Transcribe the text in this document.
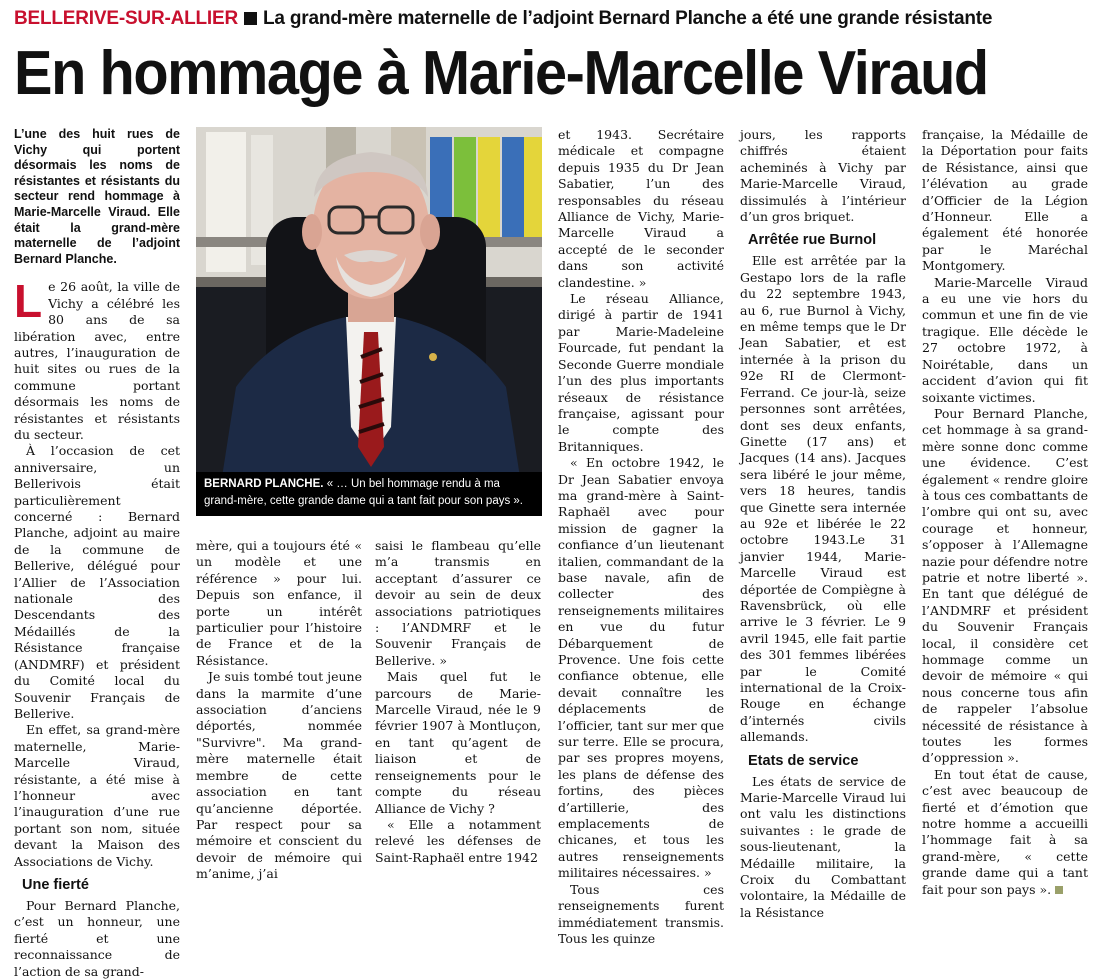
BELLERIVE-SUR-ALLIER La grand-mère maternelle de l’adjoint Bernard Planche a été une grande résistante
En hommage à Marie-Marcelle Viraud
L’une des huit rues de Vichy qui portent désormais les noms de résistantes et résistants du secteur rend hommage à Marie-Marcelle Viraud. Elle était la grand-mère maternelle de l’adjoint Bernard Planche.

Le 26 août, la ville de Vichy a célébré les 80 ans de sa libération avec, entre autres, l’inauguration de huit sites ou rues de la commune portant désormais les noms de résistantes et résistants du secteur.

À l’occasion de cet anniversaire, un Bellerivois était particulièrement concerné : Bernard Planche, adjoint au maire de la commune de Bellerive, délégué pour l’Allier de l’Association nationale des Descendants des Médaillés de la Résistance française (ANDMRF) et président du Comité local du Souvenir Français de Bellerive.

En effet, sa grand-mère maternelle, Marie-Marcelle Viraud, résistante, a été mise à l’honneur avec l’inauguration d’une rue portant son nom, située devant la Maison des Associations de Vichy.

Une fierté

Pour Bernard Planche, c’est un honneur, une fierté et une reconnaissance de l’action de sa grand-

BERNARD PLANCHE. « … Un bel hommage rendu à ma grand-mère, cette grande dame qui a tant fait pour son pays ».

mère, qui a toujours été « un modèle et une référence » pour lui. Depuis son enfance, il porte un intérêt particulier pour l’histoire de France et de la Résistance.

Je suis tombé tout jeune dans la marmite d’une association d’anciens déportés, nommée "Survivre". Ma grand-mère maternelle était membre de cette association en tant qu’ancienne déportée. Par respect pour sa mémoire et conscient du devoir de mémoire qui m’anime, j’ai

saisi le flambeau qu’elle m’a transmis en acceptant d’assurer ce devoir au sein de deux associations patriotiques : l’ANDMRF et le Souvenir Français de Bellerive. »

Mais quel fut le parcours de Marie-Marcelle Viraud, née le 9 février 1907 à Montluçon, en tant qu’agent de liaison et de renseignements pour le compte du réseau Alliance de Vichy ?

« Elle a notamment relevé les défenses de Saint-Raphaël entre 1942

et 1943. Secrétaire médicale et compagne depuis 1935 du Dr Jean Sabatier, l’un des responsables du réseau Alliance de Vichy, Marie-Marcelle Viraud a accepté de le seconder dans son activité clandestine. »

Le réseau Alliance, dirigé à partir de 1941 par Marie-Madeleine Fourcade, fut pendant la Seconde Guerre mondiale l’un des plus importants réseaux de résistance française, agissant pour le compte des Britanniques.

« En octobre 1942, le Dr Jean Sabatier envoya ma grand-mère à Saint-Raphaël avec pour mission de gagner la confiance d’un lieutenant italien, commandant de la base navale, afin de collecter des renseignements militaires en vue du futur Débarquement de Provence. Une fois cette confiance obtenue, elle devait connaître les déplacements de l’officier, tant sur mer que sur terre. Elle se procura, par ses propres moyens, les plans de défense des fortins, des pièces d’artillerie, des emplacements de chicanes, et tous les autres renseignements militaires nécessaires. »

Tous ces renseignements furent immédiatement transmis. Tous les quinze

jours, les rapports chiffrés étaient acheminés à Vichy par Marie-Marcelle Viraud, dissimulés à l’intérieur d’un gros briquet.

Arrêtée rue Burnol

Elle est arrêtée par la Gestapo lors de la rafle du 22 septembre 1943, au 6, rue Burnol à Vichy, en même temps que le Dr Jean Sabatier, et est internée à la prison du 92e RI de Clermont-Ferrand. Ce jour-là, seize personnes sont arrêtées, dont ses deux enfants, Ginette (17 ans) et Jacques (14 ans). Jacques sera libéré le jour même, vers 18 heures, tandis que Ginette sera internée au 92e et libérée le 22 octobre 1943.Le 31 janvier 1944, Marie-Marcelle Viraud est déportée de Compiègne à Ravensbrück, où elle arrive le 3 février. Le 9 avril 1945, elle fait partie des 301 femmes libérées par le Comité international de la Croix-Rouge en échange d’internés civils allemands.

Etats de service

Les états de service de Marie-Marcelle Viraud lui ont valu les distinctions suivantes : le grade de sous-lieutenant, la Médaille militaire, la Croix du Combattant volontaire, la Médaille de la Résistance

française, la Médaille de la Déportation pour faits de Résistance, ainsi que l’élévation au grade d’Officier de la Légion d’Honneur. Elle a également été honorée par le Maréchal Montgomery.

Marie-Marcelle Viraud a eu une vie hors du commun et une fin de vie tragique. Elle décède le 27 octobre 1972, à Noirétable, dans un accident d’avion qui fit soixante victimes.

Pour Bernard Planche, cet hommage à sa grand-mère sonne donc comme une évidence. C’est également « rendre gloire à tous ces combattants de l’ombre qui ont su, avec courage et honneur, s’opposer à l’Allemagne nazie pour défendre notre patrie et notre liberté ». En tant que délégué de l’ANDMRF et président du Souvenir Français local, il considère cet hommage comme un devoir de mémoire « qui nous concerne tous afin de rappeler l’absolue nécessité de résistance à toutes les formes d’oppression ».

En tout état de cause, c’est avec beaucoup de fierté et d’émotion que notre homme a accueilli l’hommage fait à sa grand-mère, « cette grande dame qui a tant fait pour son pays ».
